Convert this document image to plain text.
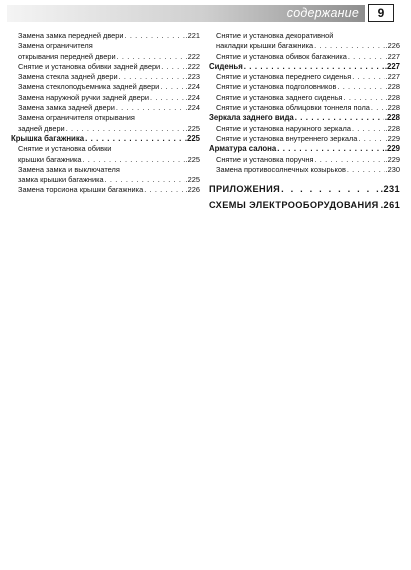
содержание	9
Замена замка передней двери . . .	.221
Замена ограничителя
открывания передней двери . . .	.222
Снятие и установка обивки задней двери . . .	.222
Замена стекла задней двери . . .	.223
Замена стеклоподъемника задней двери . . .	.224
Замена наружной ручки задней двери . . .	.224
Замена замка задней двери . . .	.224
Замена ограничителя открывания
задней двери . . .	.225
Крышка багажника . . .	.225
Снятие и установка обивки
крышки багажника . . .	.225
Замена замка и выключателя
замка крышки багажника . . .	.225
Замена торсиона крышки багажника . . .	.226
Снятие и установка декоративной
накладки крышки багажника . . .	.226
Снятие и установка обивок багажника . . .	.227
Сиденья . . .	.227
Снятие и установка переднего сиденья . . .	.227
Снятие и установка подголовников . . .	.228
Снятие и установка заднего сиденья . . .	.228
Снятие и установка облицовки тоннеля пола . . . .228
Зеркала заднего вида . . .	.228
Снятие и установка наружного зеркала . . .	.228
Снятие и установка внутреннего зеркала . . .	.229
Арматура салона . . .	.229
Снятие и установка поручня . . .	.229
Замена противосолнечных козырьков . . .	.230
ПРИЛОЖЕНИЯ . . .	.231
СХЕМЫ ЭЛЕКТРООБОРУДОВАНИЯ .261
